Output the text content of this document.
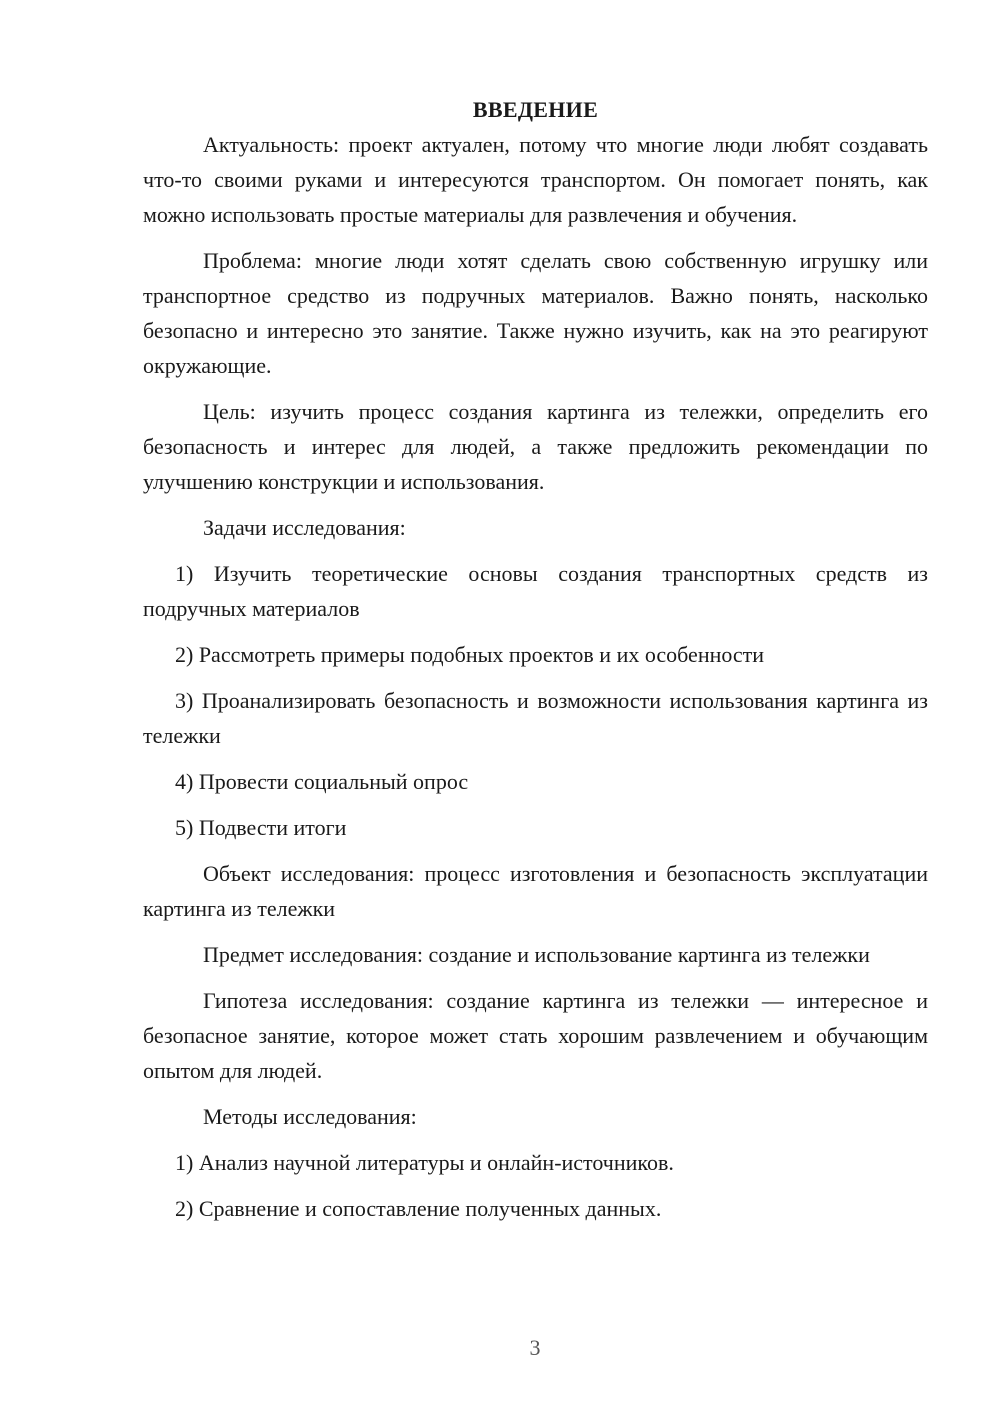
ВВЕДЕНИЕ

Актуальность: проект актуален, потому что многие люди любят создавать что-то своими руками и интересуются транспортом. Он помогает понять, как можно использовать простые материалы для развлечения и обучения.

Проблема: многие люди хотят сделать свою собственную игрушку или транспортное средство из подручных материалов. Важно понять, насколько безопасно и интересно это занятие. Также нужно изучить, как на это реагируют окружающие.

Цель: изучить процесс создания картинга из тележки, определить его безопасность и интерес для людей, а также предложить рекомендации по улучшению конструкции и использования.

Задачи исследования:

1) Изучить теоретические основы создания транспортных средств из подручных материалов

2) Рассмотреть примеры подобных проектов и их особенности

3) Проанализировать безопасность и возможности использования картинга из тележки

4) Провести социальный опрос

5) Подвести итоги

Объект исследования: процесс изготовления и безопасность эксплуатации картинга из тележки

Предмет исследования: создание и использование картинга из тележки

Гипотеза исследования: создание картинга из тележки — интересное и безопасное занятие, которое может стать хорошим развлечением и обучающим опытом для людей.

Методы исследования:

1) Анализ научной литературы и онлайн-источников.

2) Сравнение и сопоставление полученных данных.

3
